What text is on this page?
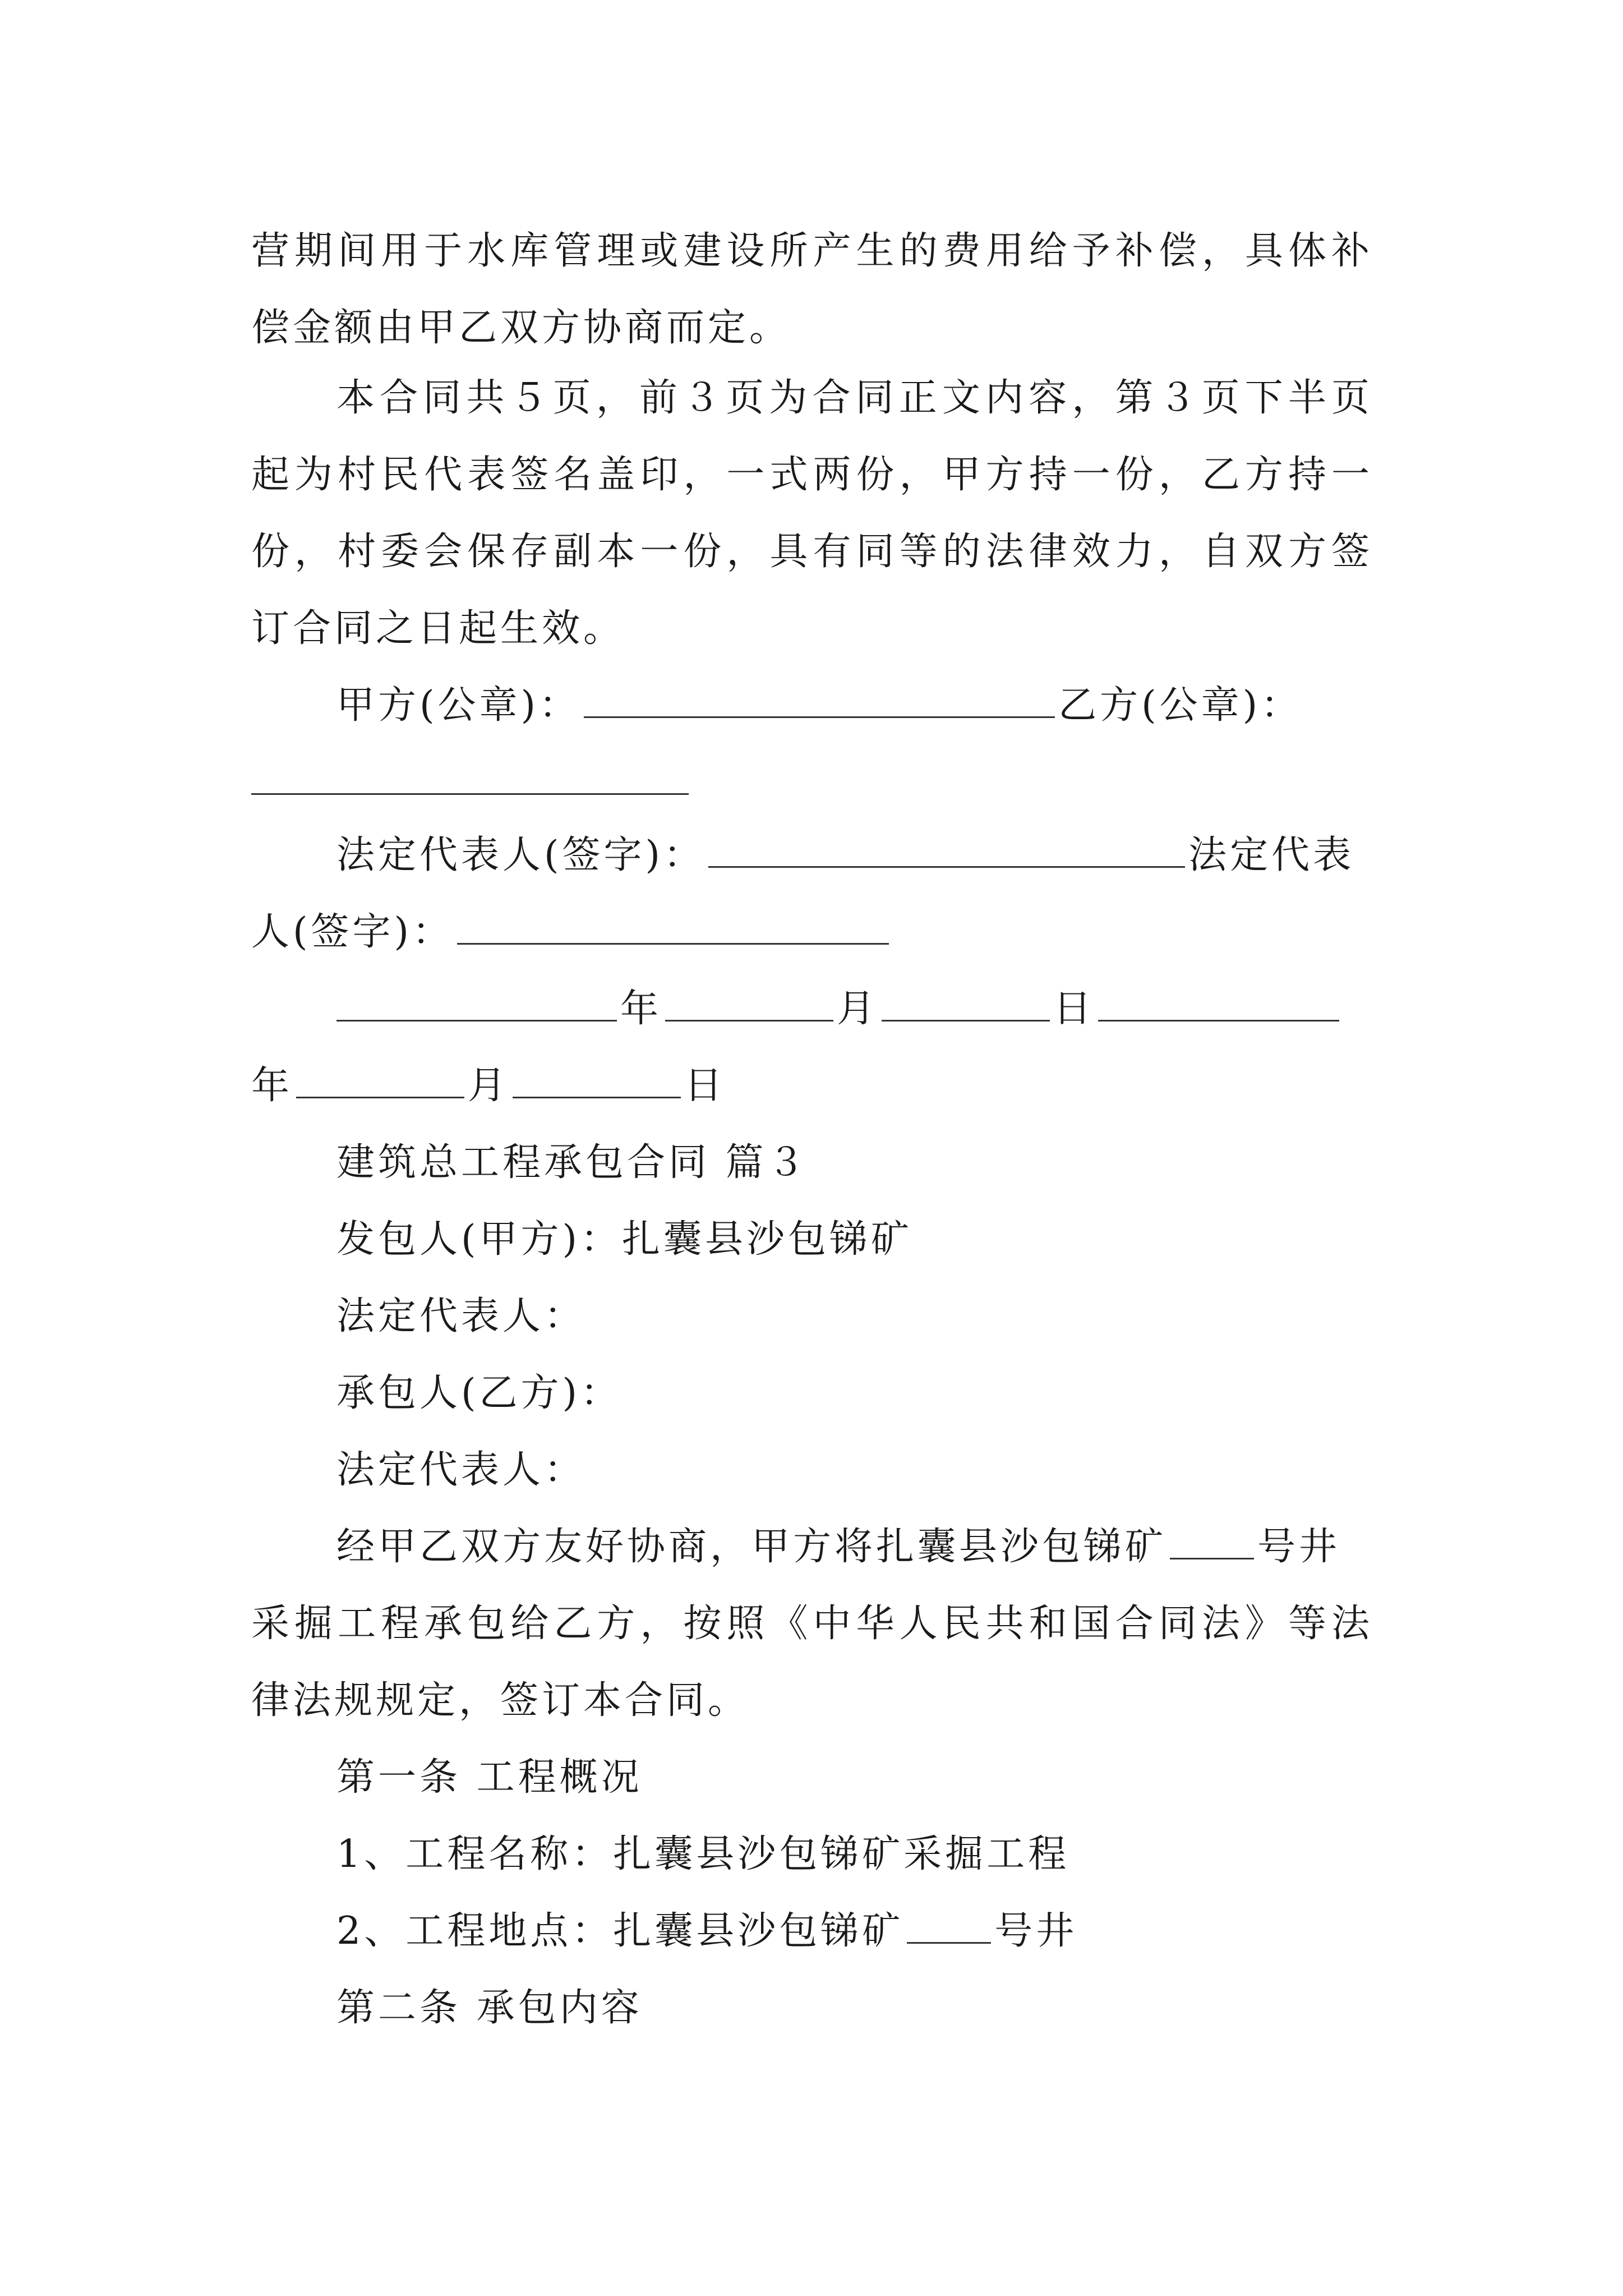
营期间用于水库管理或建设所产生的费用给予补偿，具体补
偿金额由甲乙双方协商而定。
本合同共５页，前３页为合同正文内容，第３页下半页
起为村民代表签名盖印，一式两份，甲方持一份，乙方持一
份，村委会保存副本一份，具有同等的法律效力，自双方签
订合同之日起生效。
甲方(公章)：	乙方(公章)：
法定代表人(签字)：	法定代表
人(签字)：
年	月	日
年	月	日
建筑总工程承包合同 篇３
发包人(甲方)：扎囊县沙包锑矿
法定代表人：
承包人(乙方)：
法定代表人：
经甲乙双方友好协商，甲方将扎囊县沙包锑矿 号井
采掘工程承包给乙方，按照《中华人民共和国合同法》等法
律法规规定，签订本合同。
第一条 工程概况
1、工程名称：扎囊县沙包锑矿采掘工程
2、工程地点：扎囊县沙包锑矿 号井
第二条 承包内容
